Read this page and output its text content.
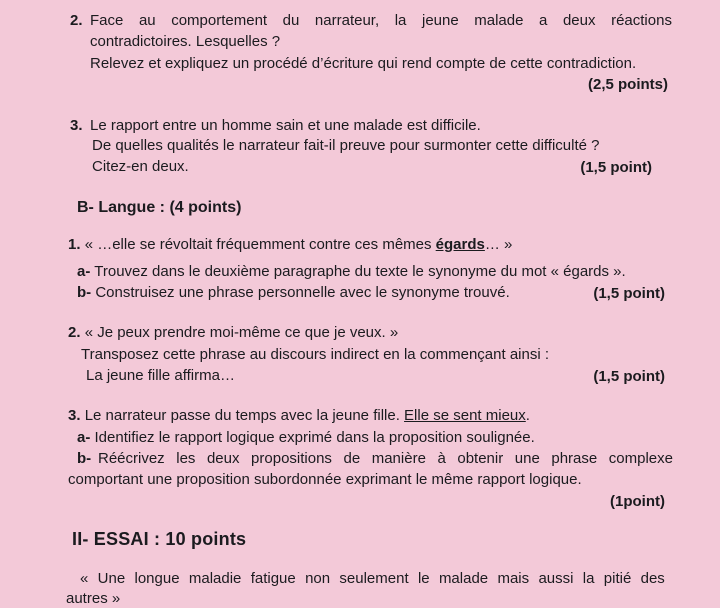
2. Face au comportement du narrateur, la jeune malade a deux réactions
contradictoires. Lesquelles ?
Relevez et expliquez un procédé d’écriture qui rend compte de cette contradiction.
(2,5 points)
3. Le rapport entre un homme sain et une malade est difficile.
De quelles qualités le narrateur fait-il preuve pour surmonter cette difficulté ?
Citez-en deux.	(1,5 point)
B- Langue : (4 points)
1. « …elle se révoltait fréquemment contre ces mêmes égards… »
a- Trouvez dans le deuxième paragraphe du texte le synonyme du mot « égards ».
b- Construisez une phrase personnelle avec le synonyme trouvé.	(1,5 point)
2. « Je peux prendre moi-même ce que je veux. »
Transposez cette phrase au discours indirect en la commençant ainsi :
La jeune fille affirma…	(1,5 point)
3. Le narrateur passe du temps avec la jeune fille. Elle se sent mieux.
a- Identifiez le rapport logique exprimé dans la proposition soulignée.
b- Réécrivez les deux propositions de manière à obtenir une phrase complexe
comportant une proposition subordonnée exprimant le même rapport logique.
(1point)
II- ESSAI : 10 points
« Une longue maladie fatigue non seulement le malade mais aussi la pitié des
autres »
